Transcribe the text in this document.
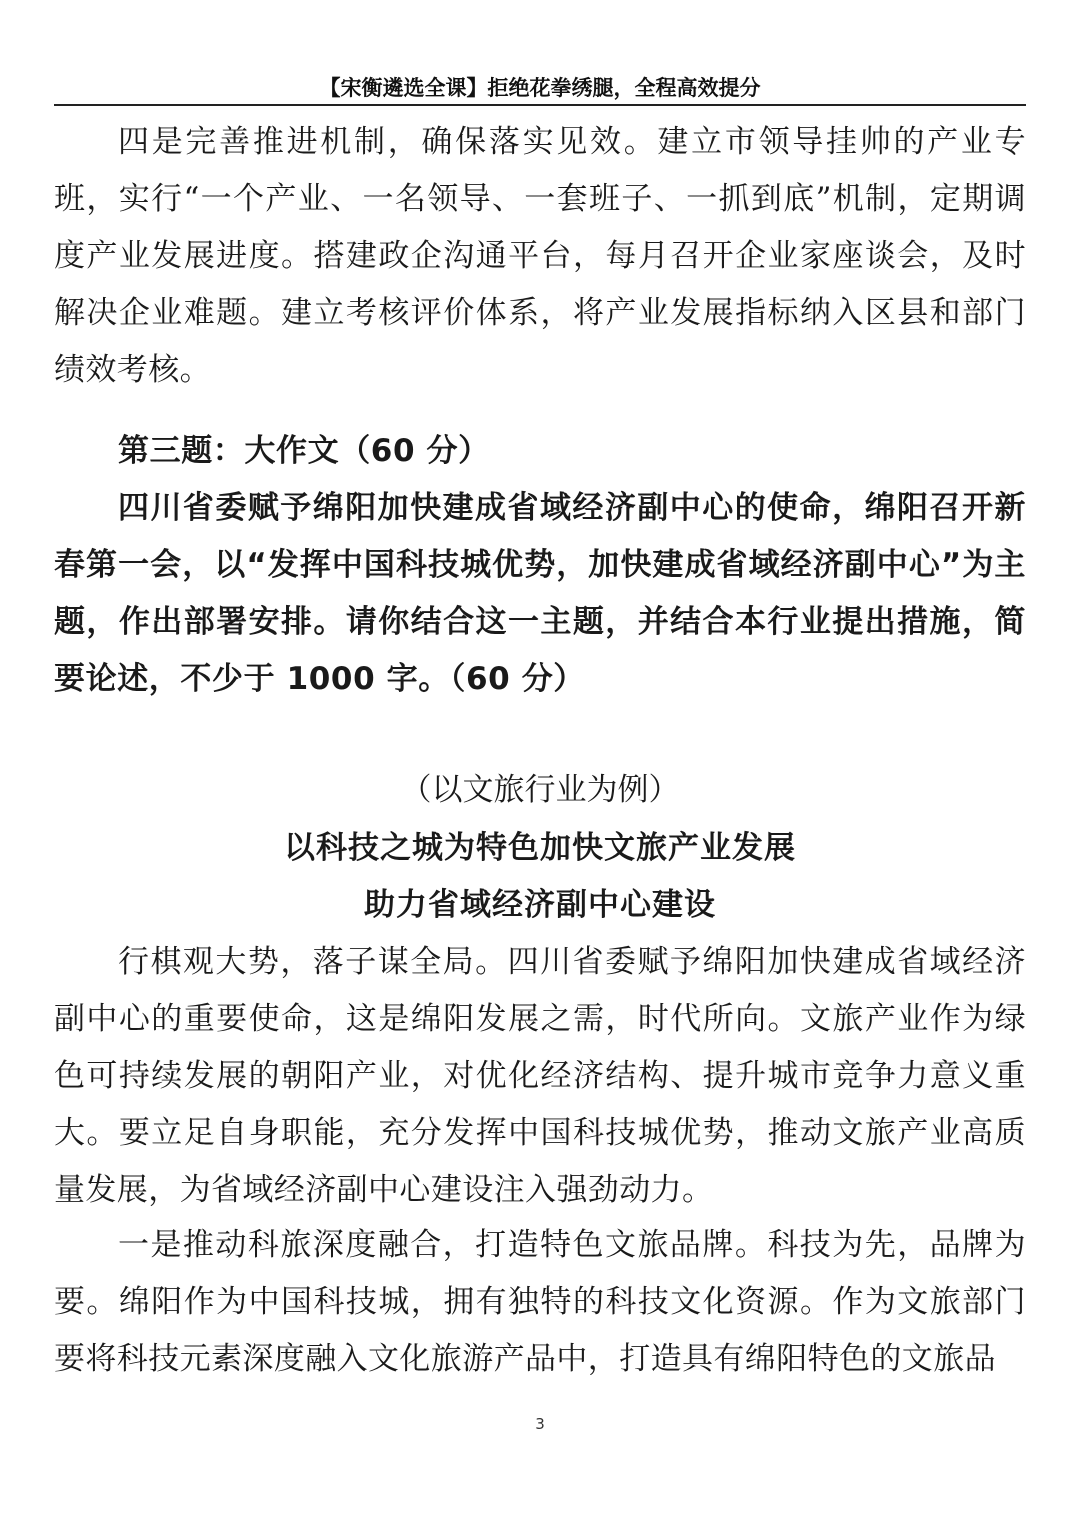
【宋衡遴选全课】拒绝花拳绣腿，全程高效提分

四是完善推进机制，确保落实见效。建立市领导挂帅的产业专班，实行“一个产业、一名领导、一套班子、一抓到底”机制，定期调度产业发展进度。搭建政企沟通平台，每月召开企业家座谈会，及时解决企业难题。建立考核评价体系，将产业发展指标纳入区县和部门绩效考核。

第三题：大作文（60 分）

四川省委赋予绵阳加快建成省域经济副中心的使命，绵阳召开新春第一会，以“发挥中国科技城优势，加快建成省域经济副中心”为主题，作出部署安排。请你结合这一主题，并结合本行业提出措施，简要论述，不少于 1000 字。（60 分）

（以文旅行业为例）

以科技之城为特色加快文旅产业发展

助力省域经济副中心建设

行棋观大势，落子谋全局。四川省委赋予绵阳加快建成省域经济副中心的重要使命，这是绵阳发展之需，时代所向。文旅产业作为绿色可持续发展的朝阳产业，对优化经济结构、提升城市竞争力意义重大。要立足自身职能，充分发挥中国科技城优势，推动文旅产业高质量发展，为省域经济副中心建设注入强劲动力。

一是推动科旅深度融合，打造特色文旅品牌。科技为先，品牌为要。绵阳作为中国科技城，拥有独特的科技文化资源。作为文旅部门要将科技元素深度融入文化旅游产品中，打造具有绵阳特色的文旅品

3
